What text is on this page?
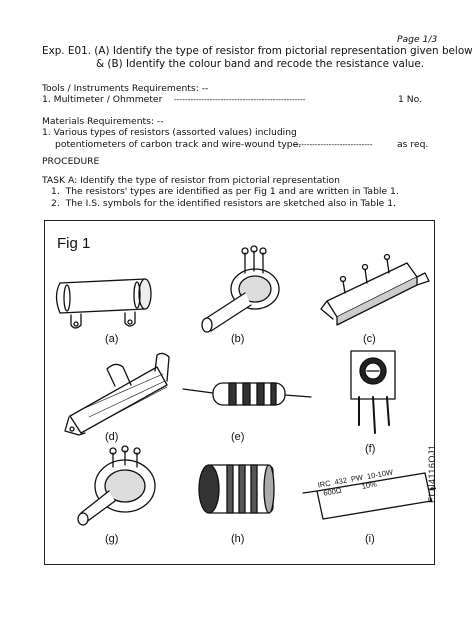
Page 1/3
Exp. E01. (A) Identify the type of resistor from pictorial representation given below
& (B) Identify the colour band and recode the resistance value.
Tools / Instruments Requirements: --
1. Multimeter / Ohmmeter ------------------------------------------------	1 No.
Materials Requirements: --
1. Various types of resistors (assorted values) including
potentiometers of carbon track and wire-wound type.
-----------------------------	as req.
PROCEDURE
TASK A: Identify the type of resistor from pictorial representation
1.  The resistors' types are identified as per Fig 1 and are written in Table 1.
2.  The I.S. symbols for the identified resistors are sketched also in Table 1.
Fig 1
(a)	(b)	(c)
(d)	(e)
(f)
(g)	(h)	(i)
ELN4116OJ1
IRC  432  PW  10-10W
600Ω          10%
